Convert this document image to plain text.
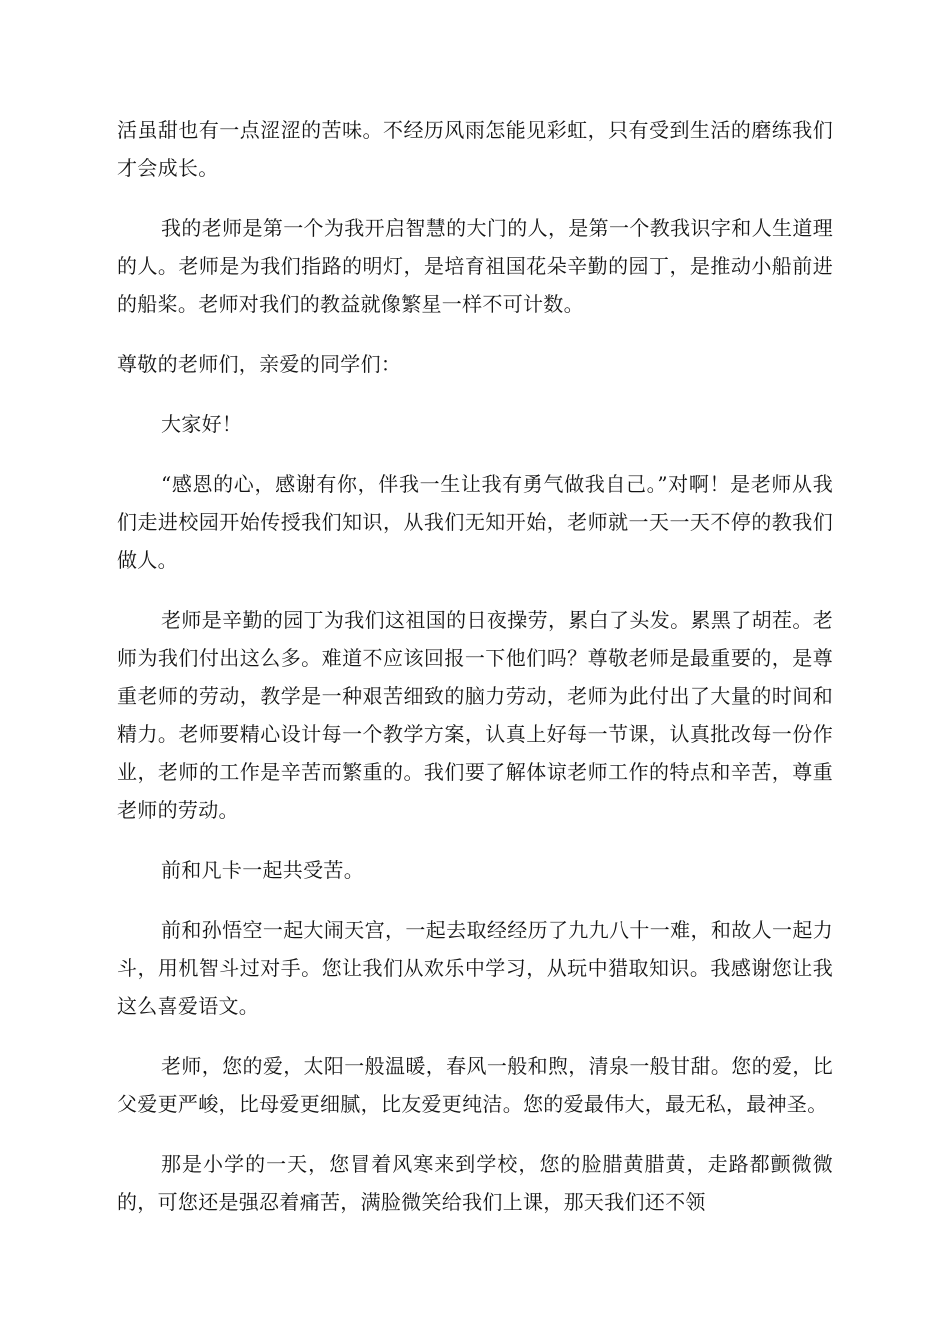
活虽甜也有一点涩涩的苦味。不经历风雨怎能见彩虹，只有受到生活的磨练我们才会成长。

我的老师是第一个为我开启智慧的大门的人，是第一个教我识字和人生道理的人。老师是为我们指路的明灯，是培育祖国花朵辛勤的园丁，是推动小船前进的船桨。老师对我们的教益就像繁星一样不可计数。

尊敬的老师们，亲爱的同学们：

大家好！

“感恩的心，感谢有你，伴我一生让我有勇气做我自己。”对啊！是老师从我们走进校园开始传授我们知识，从我们无知开始，老师就一天一天不停的教我们做人。

老师是辛勤的园丁为我们这祖国的日夜操劳，累白了头发。累黑了胡茬。老师为我们付出这么多。难道不应该回报一下他们吗？尊敬老师是最重要的，是尊重老师的劳动，教学是一种艰苦细致的脑力劳动，老师为此付出了大量的时间和精力。老师要精心设计每一个教学方案，认真上好每一节课，认真批改每一份作业，老师的工作是辛苦而繁重的。我们要了解体谅老师工作的特点和辛苦，尊重老师的劳动。

前和凡卡一起共受苦。

前和孙悟空一起大闹天宫，一起去取经经历了九九八十一难，和故人一起力斗，用机智斗过对手。您让我们从欢乐中学习，从玩中猎取知识。我感谢您让我这么喜爱语文。

老师，您的爱，太阳一般温暖，春风一般和煦，清泉一般甘甜。您的爱，比父爱更严峻，比母爱更细腻，比友爱更纯洁。您的爱最伟大，最无私，最神圣。

那是小学的一天，您冒着风寒来到学校，您的脸腊黄腊黄，走路都颤微微的，可您还是强忍着痛苦，满脸微笑给我们上课，那天我们还不领
